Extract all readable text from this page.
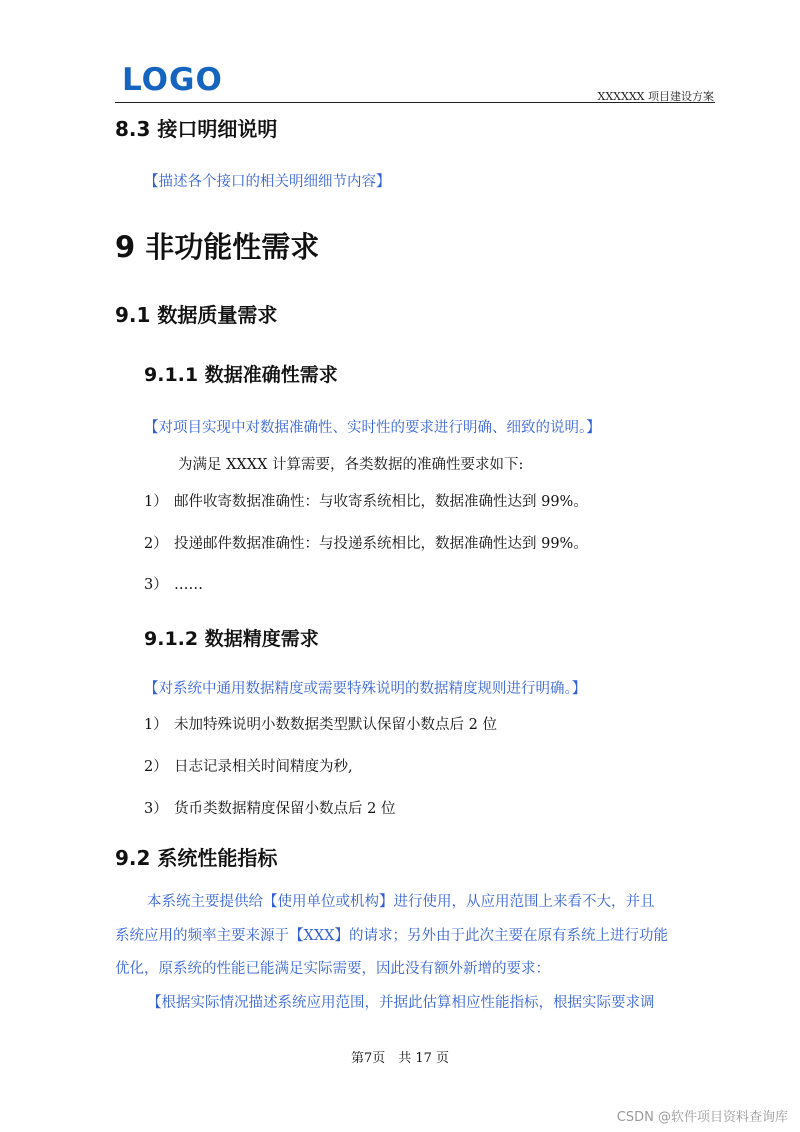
LOGO	XXXXXX 项目建设方案
8.3 接口明细说明
【描述各个接口的相关明细细节内容】
9 非功能性需求
9.1 数据质量需求
9.1.1 数据准确性需求
【对项目实现中对数据准确性、实时性的要求进行明确、细致的说明。】
为满足 XXXX 计算需要，各类数据的准确性要求如下:
1） 邮件收寄数据准确性：与收寄系统相比，数据准确性达到 99%。
2） 投递邮件数据准确性：与投递系统相比，数据准确性达到 99%。
3） ……
9.1.2 数据精度需求
【对系统中通用数据精度或需要特殊说明的数据精度规则进行明确。】
1） 未加特殊说明小数数据类型默认保留小数点后 2 位
2） 日志记录相关时间精度为秒,
3） 货币类数据精度保留小数点后 2 位
9.2 系统性能指标
本系统主要提供给【使用单位或机构】进行使用，从应用范围上来看不大，并且
系统应用的频率主要来源于【XXX】的请求；另外由于此次主要在原有系统上进行功能
优化，原系统的性能已能满足实际需要，因此没有额外新增的要求：
【根据实际情况描述系统应用范围，并据此估算相应性能指标，根据实际要求调
第7页　共 17 页
CSDN @软件项目资料查询库
